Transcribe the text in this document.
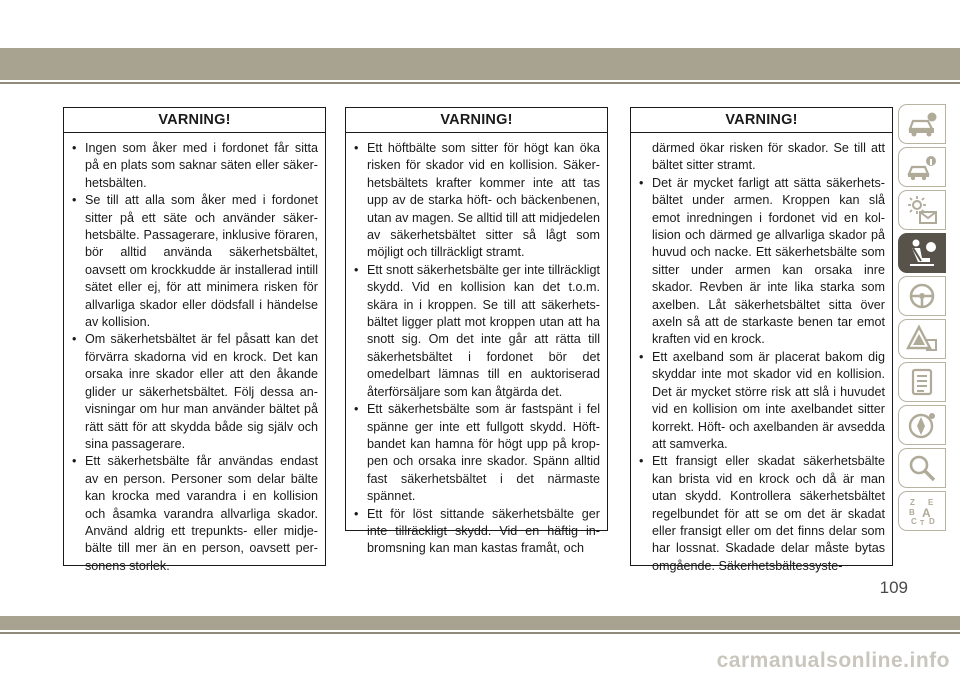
VARNING!
• Ingen som åker med i fordonet får sitta på en plats som saknar säten eller säkerhetsbälten.
• Se till att alla som åker med i fordonet sitter på ett säte och använder säkerhetsbälte. Passagerare, inklusive föraren, bör alltid använda säkerhetsbältet, oavsett om krockkudde är installerad intill sätet eller ej, för att minimera risken för allvarliga skador eller dödsfall i händelse av kollision.
• Om säkerhetsbältet är fel påsatt kan det förvärra skadorna vid en krock. Det kan orsaka inre skador eller att den åkande glider ur säkerhetsbältet. Följ dessa anvisningar om hur man använder bältet på rätt sätt för att skydda både sig själv och sina passagerare.
• Ett säkerhetsbälte får användas endast av en person. Personer som delar bälte kan krocka med varandra i en kollision och åsamka varandra allvarliga skador. Använd aldrig ett trepunkts- eller midjebälte till mer än en person, oavsett personens storlek.
VARNING!
• Ett höftbälte som sitter för högt kan öka risken för skador vid en kollision. Säkerhetsbältets krafter kommer inte att tas upp av de starka höft- och bäckenbenen, utan av magen. Se alltid till att midjedelen av säkerhetsbältet sitter så lågt som möjligt och tillräckligt stramt.
• Ett snott säkerhetsbälte ger inte tillräckligt skydd. Vid en kollision kan det t.o.m. skära in i kroppen. Se till att säkerhetsbältet ligger platt mot kroppen utan att ha snott sig. Om det inte går att rätta till säkerhetsbältet i fordonet bör det omedelbart lämnas till en auktoriserad återförsäljare som kan åtgärda det.
• Ett säkerhetsbälte som är fastspänt i fel spänne ger inte ett fullgott skydd. Höftbandet kan hamna för högt upp på kroppen och orsaka inre skador. Spänn alltid fast säkerhetsbältet i det närmaste spännet.
• Ett för löst sittande säkerhetsbälte ger inte tillräckligt skydd. Vid en häftig inbromsning kan man kastas framåt, och
VARNING!

därmed ökar risken för skador. Se till att bältet sitter stramt.

• Det är mycket farligt att sätta säkerhetsbältet under armen. Kroppen kan slå emot inredningen i fordonet vid en kollision och därmed ge allvarliga skador på huvud och nacke. Ett säkerhetsbälte som sitter under armen kan orsaka inre skador. Revben är inte lika starka som axelben. Låt säkerhetsbältet sitta över axeln så att de starkaste benen tar emot kraften vid en krock.
• Ett axelband som är placerat bakom dig skyddar inte mot skador vid en kollision. Det är mycket större risk att slå i huvudet vid en kollision om inte axelbandet sitter korrekt. Höft- och axelbanden är avsedda att samverka.
• Ett fransigt eller skadat säkerhetsbälte kan brista vid en krock och då är man utan skydd. Kontrollera säkerhetsbältet regelbundet för att se om det är skadat eller fransigt eller om det finns delar som har lossnat. Skadade delar måste bytas omgående. Säkerhetsbältessyste-
Z E
B A
C T D
109
carmanualsonline.info
